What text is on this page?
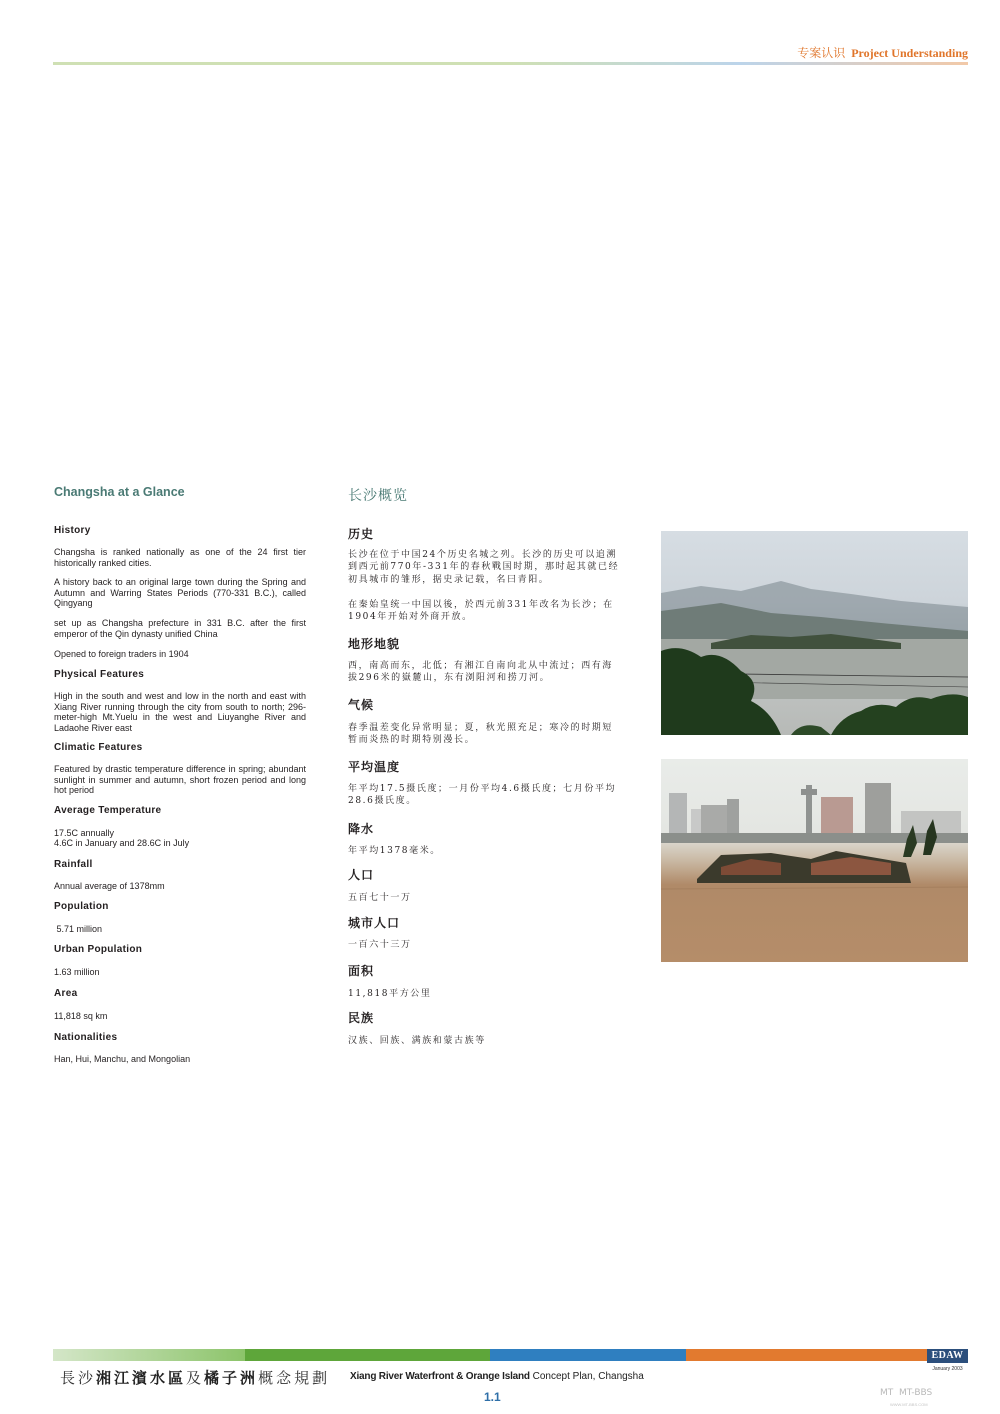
专案认识 Project Understanding
Changsha at a Glance
History
Changsha is ranked nationally as one of the 24 first tier historically ranked cities.
A history back to an original large town during the Spring and Autumn and Warring States Periods (770-331 B.C.), called Qingyang
set up as Changsha prefecture in 331 B.C. after the first emperor of the Qin dynasty unified China
Opened to foreign traders in 1904
Physical Features
High in the south and west and low in the north and east with Xiang River running through the city from south to north; 296-meter-high Mt.Yuelu in the west and Liuyanghe River and Ladaohe River east
Climatic Features
Featured by drastic temperature difference in spring; abundant sunlight in summer and autumn, short frozen period and long hot period
Average Temperature
17.5C annually
4.6C in January and 28.6C in July
Rainfall
Annual average of 1378mm
Population
5.71 million
Urban Population
1.63 million
Area
11,818 sq km
Nationalities
Han, Hui, Manchu, and Mongolian
长沙概览
历史
长沙在位于中国24个历史名城之列。长沙的历史可以追溯到西元前770年-331年的春秋戰国时期，那时起其就已经初具城市的雏形，据史录记载，名曰青阳。
在秦始皇统一中国以後，於西元前331年改名为长沙；在1904年开始对外商开放。
地形地貌
西，南高而东，北低；有湘江自南向北从中流过；西有海拔296米的嶽麓山，东有浏阳河和捞刀河。
气候
春季温差变化异常明显；夏，秋光照充足；寒冷的时期短暂而炎热的时期特别漫长。
平均温度
年平均17.5摄氏度；一月份平均4.6摄氏度；七月份平均28.6摄氏度。
降水
年平均1378毫米。
人口
五百七十一万
城市人口
一百六十三万
面积
11,818平方公里
民族
汉族、回族、满族和蒙古族等
EDAW
January 2003
長沙湘江濱水區及橘子洲概念規劃 Xiang River Waterfront & Orange Island Concept Plan, Changsha
1.1	MT  MT-BBS
WWW.MT-BBS.COM
